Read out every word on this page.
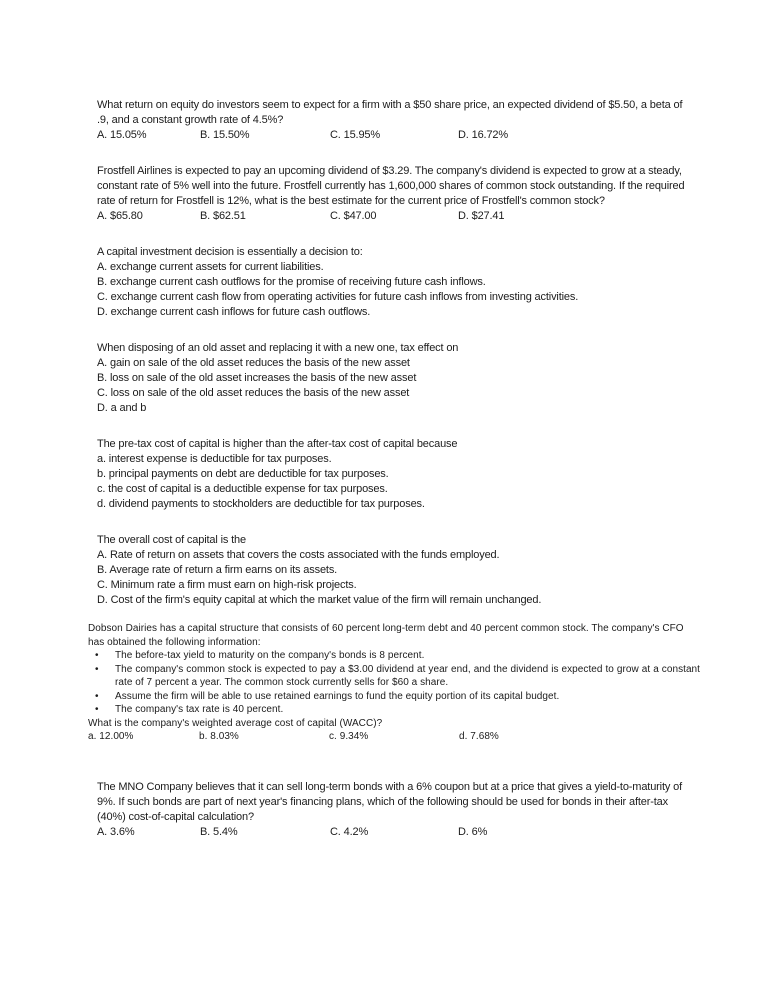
What return on equity do investors seem to expect for a firm with a $50 share price, an expected dividend of $5.50, a beta of .9, and a constant growth rate of 4.5%?

A. 15.05%	B. 15.50%	C. 15.95%	D. 16.72%

Frostfell Airlines is expected to pay an upcoming dividend of $3.29. The company's dividend is expected to grow at a steady, constant rate of 5% well into the future. Frostfell currently has 1,600,000 shares of common stock outstanding. If the required rate of return for Frostfell is 12%, what is the best estimate for the current price of Frostfell's common stock?

A. $65.80	B. $62.51	C. $47.00	D. $27.41

A capital investment decision is essentially a decision to:

A. exchange current assets for current liabilities.
B. exchange current cash outflows for the promise of receiving future cash inflows.
C. exchange current cash flow from operating activities for future cash inflows from investing activities.
D. exchange current cash inflows for future cash outflows.

When disposing of an old asset and replacing it with a new one, tax effect on

A. gain on sale of the old asset reduces the basis of the new asset
B. loss on sale of the old asset increases the basis of the new asset
C. loss on sale of the old asset reduces the basis of the new asset
D. a and b

The pre-tax cost of capital is higher than the after-tax cost of capital because

a. interest expense is deductible for tax purposes.
b. principal payments on debt are deductible for tax purposes.
c. the cost of capital is a deductible expense for tax purposes.
d. dividend payments to stockholders are deductible for tax purposes.

The overall cost of capital is the

A. Rate of return on assets that covers the costs associated with the funds employed.
B. Average rate of return a firm earns on its assets.
C. Minimum rate a firm must earn on high-risk projects.
D. Cost of the firm's equity capital at which the market value of the firm will remain unchanged.

Dobson Dairies has a capital structure that consists of 60 percent long-term debt and 40 percent common stock. The company's CFO has obtained the following information:

• The before-tax yield to maturity on the company's bonds is 8 percent.
• The company's common stock is expected to pay a $3.00 dividend at year end, and the dividend is expected to grow at a constant rate of 7 percent a year. The common stock currently sells for $60 a share.
• Assume the firm will be able to use retained earnings to fund the equity portion of its capital budget.
• The company's tax rate is 40 percent.

What is the company's weighted average cost of capital (WACC)?

a. 12.00%	b. 8.03%	c. 9.34%	d. 7.68%

The MNO Company believes that it can sell long-term bonds with a 6% coupon but at a price that gives a yield-to-maturity of 9%. If such bonds are part of next year's financing plans, which of the following should be used for bonds in their after-tax (40%) cost-of-capital calculation?

A. 3.6%	B. 5.4%	C. 4.2%	D. 6%
